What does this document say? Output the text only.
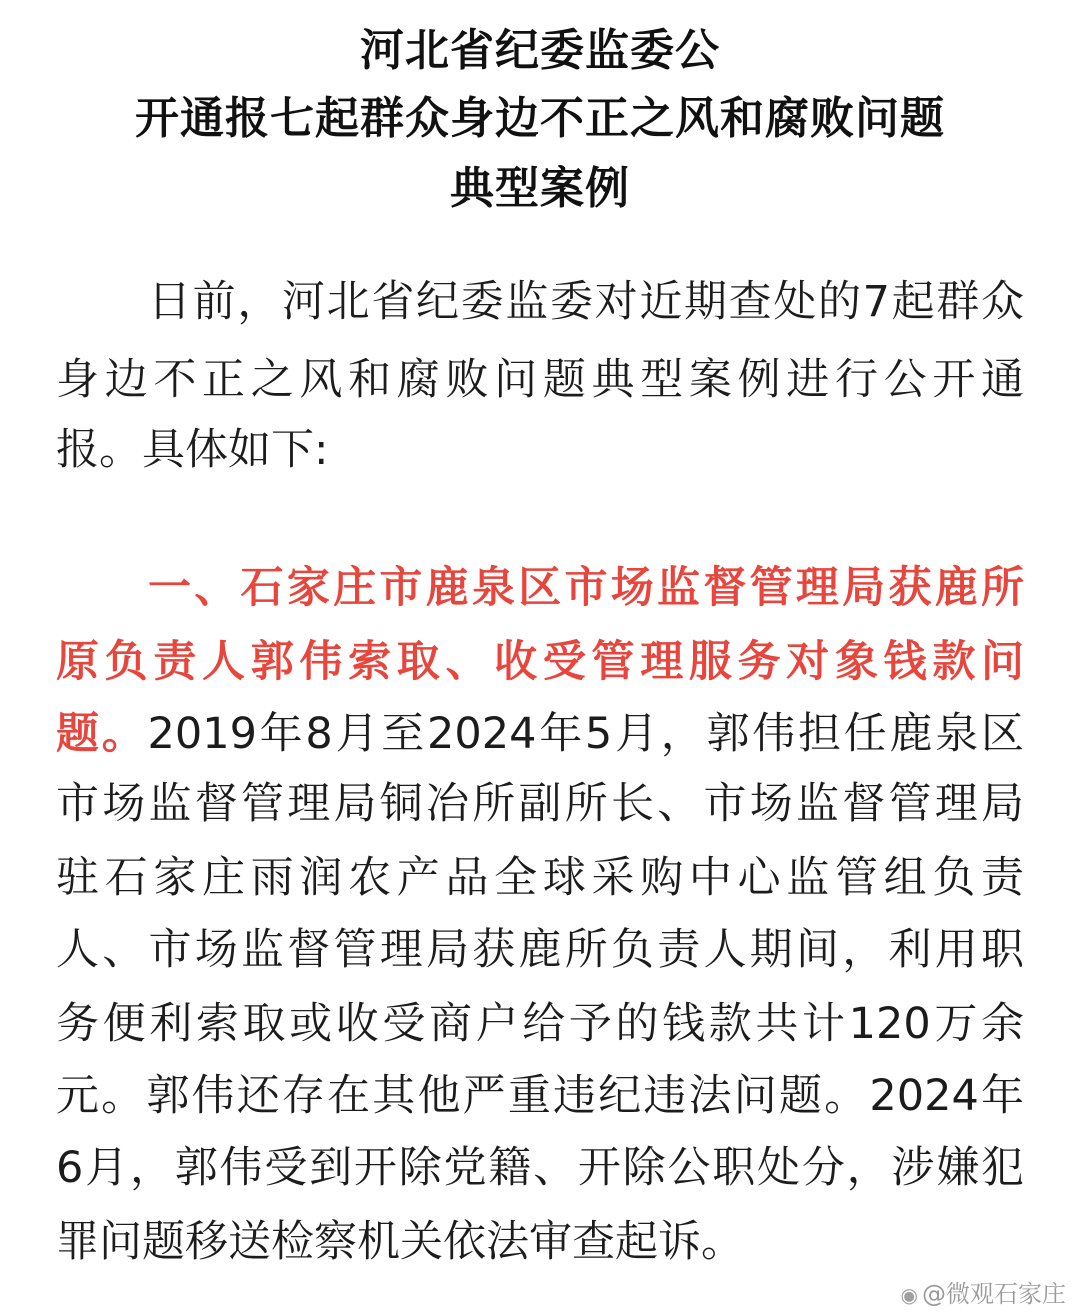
河北省纪委监委公
开通报七起群众身边不正之风和腐败问题
典型案例
日前，河北省纪委监委对近期查处的7起群众
身边不正之风和腐败问题典型案例进行公开通
报。具体如下:
一、石家庄市鹿泉区市场监督管理局获鹿所
原负责人郭伟索取、收受管理服务对象钱款问
题。2019年8月至2024年5月，郭伟担任鹿泉区
市场监督管理局铜冶所副所长、市场监督管理局
驻石家庄雨润农产品全球采购中心监管组负责
人、市场监督管理局获鹿所负责人期间，利用职
务便利索取或收受商户给予的钱款共计120万余
元。郭伟还存在其他严重违纪违法问题。2024年
6月，郭伟受到开除党籍、开除公职处分，涉嫌犯
罪问题移送检察机关依法审查起诉。
◉ @微观石家庄
